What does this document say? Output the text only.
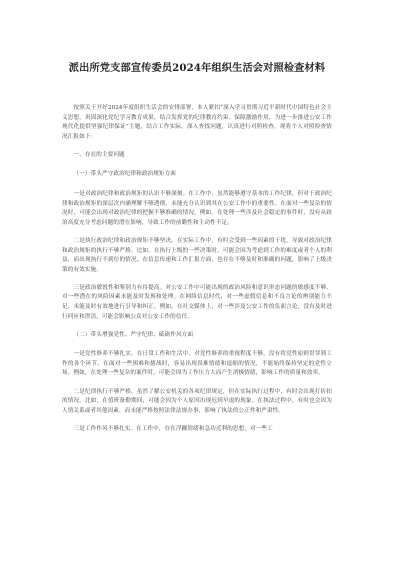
派出所党支部宣传委员2024年组织生活会对照检查材料

按照关于开好2024年度组织生活会的安排部署，本人紧扣“深入学习贯彻习近平新时代中国特色社会主义思想，巩固深化党纪学习教育成果，结合发挥党的纪律教育约束、保障激励作用，为进一步推进公安工作现代化提供坚强纪律保证”主题，结合工作实际，深入查找问题，认真进行对照检查，现将个人对照检查情况汇报如下：

一、存在的主要问题

（一）带头严守政治纪律和政治规矩方面

一是对政治纪律和政治规矩的认识不够深刻。在工作中，虽然能够遵守基本的工作纪律，但对于政治纪律和政治规矩的深层次内涵理解不够透彻，未能充分认识到其在公安工作中的重要性。在面对一些复杂的情况时，可能会出现对政治纪律的把握不够准确的情况。例如，在处理一些涉及社会稳定的事件时，没有从政治高度充分考虑问题的潜在影响，导致工作的前瞻性和主动性不足。

二是执行政治纪律和政治规矩不够坚决。在实际工作中，有时会受到一些因素的干扰，导致对政治纪律和政治规矩的执行不够严格。比如，在执行上级的一些决策时，可能会因为考虑到工作的难度或者个人的利益，而出现执行不到位的情况。在信息传递和工作汇报方面，也存在不够及时和准确的问题，影响了上级决策的有效实施。

三是政治敏锐性和鉴别力有待提高。对公安工作中可能出现的政治风险和意识形态问题的敏感度不够，对一些潜在的风险因素未能及时发现和处理。在网络信息时代，对一些虚假信息和不良言论的辨别能力不足，未能及时有效地进行引导和纠正。例如，在社交媒体上，对一些涉及公安工作的负面言论，没有及时进行回应和澄清，可能会影响公众对公安工作的信任。

（二）带头增强党性、严守纪律、砥砺作风方面

一是党性修养不够扎实。在日常工作和生活中，对党性修养的重视程度不够，没有将党性原则贯穿到工作的各个环节。在面对一些困难和挑战时，容易出现畏难情绪和退缩的情况，不能始终保持坚定的党性立场。例如，在处理一些复杂的案件时，可能会因为工作压力大而产生消极情绪，影响工作的质量和效率。

二是纪律执行不够严格。虽然了解公安机关的各项纪律规定，但在实际执行过程中，有时会出现打折扣的情况。比如，在值班备勤期间，可能会因为个人原因出现迟到早退的现象。在执法过程中，有时也会因为人情关系或者其他因素，而未能严格按照法律法规办事，影响了执法的公正性和严肃性。

三是工作作风不够扎实。在工作中，存在浮躁情绪和急功近利的思想，对一些工
